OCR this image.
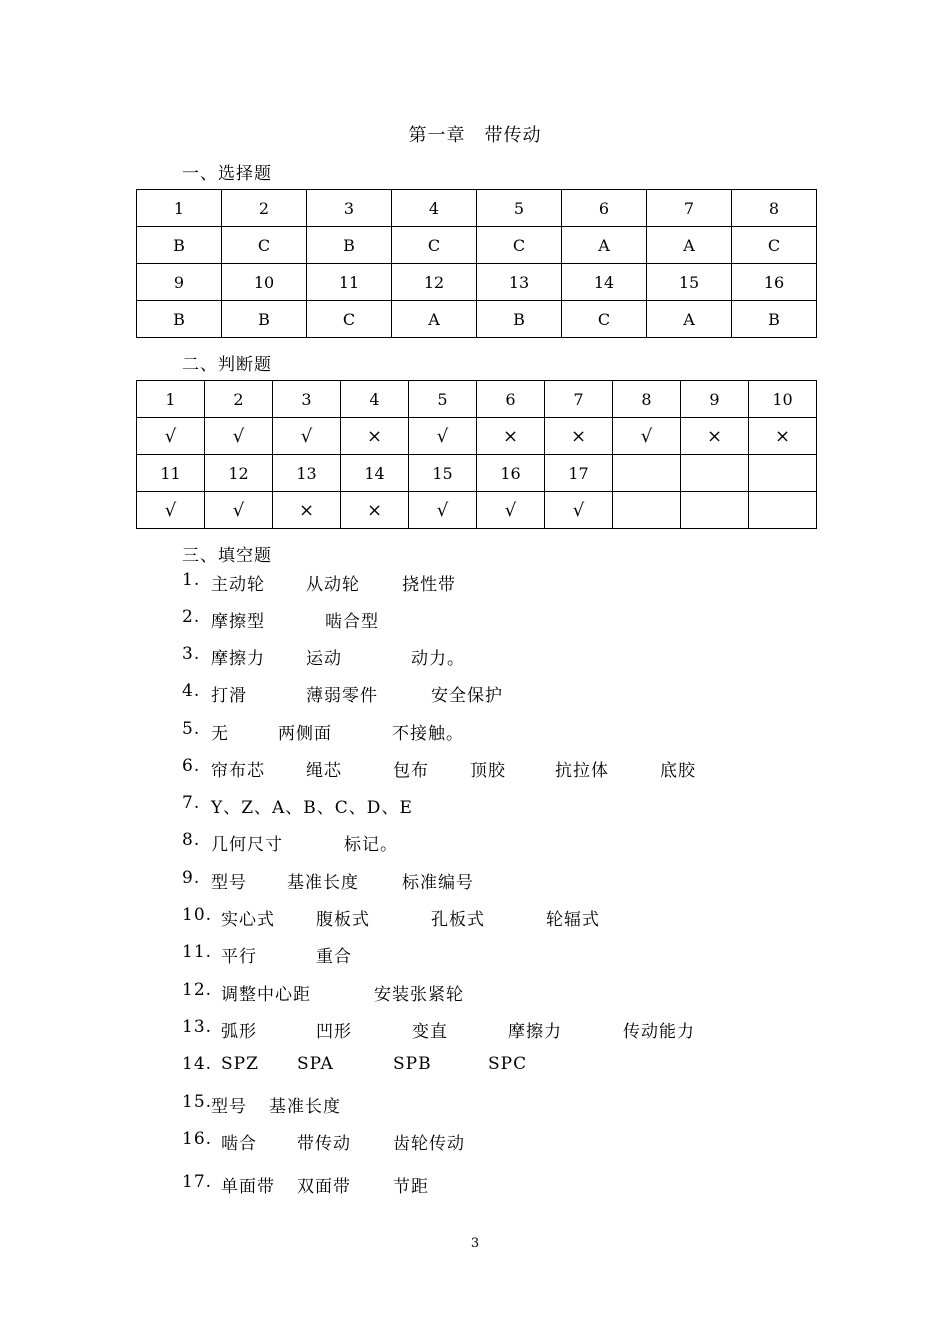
第一章　带传动
一、选择题
1	2	3	4	5	6	7	8
B	C	B	C	C	A	A	C
9	10	11	12	13	14	15	16
B	B	C	A	B	C	A	B
二、判断题
1	2	3	4	5	6	7	8	9	10
√	√	√	×	√	×	×	√	×	×
11	12	13	14	15	16	17			
√	√	×	×	√	√	√			
三、填空题
1. 主动轮 从动轮 挠性带
2. 摩擦型	啮合型
3. 摩擦力 运动	动力。
4. 打滑	薄弱零件	安全保护
5. 无	两侧面	不接触。
6. 帘布芯 绳芯	包布 顶胶	抗拉体	底胶
7. Y、Z、A、B、C、D、E
8. 几何尺寸	标记。
9. 型号 基准长度	标准编号
10. 实心式 腹板式	孔板式	轮辐式
11. 平行	重合
12. 调整中心距	安装张紧轮
13. 弧形	凹形	变直	摩擦力	传动能力
14. SPZ SPA	SPB	SPC
15.
型号 基准长度
16. 啮合 带传动 齿轮传动
17. 单面带 双面带 节距
3
